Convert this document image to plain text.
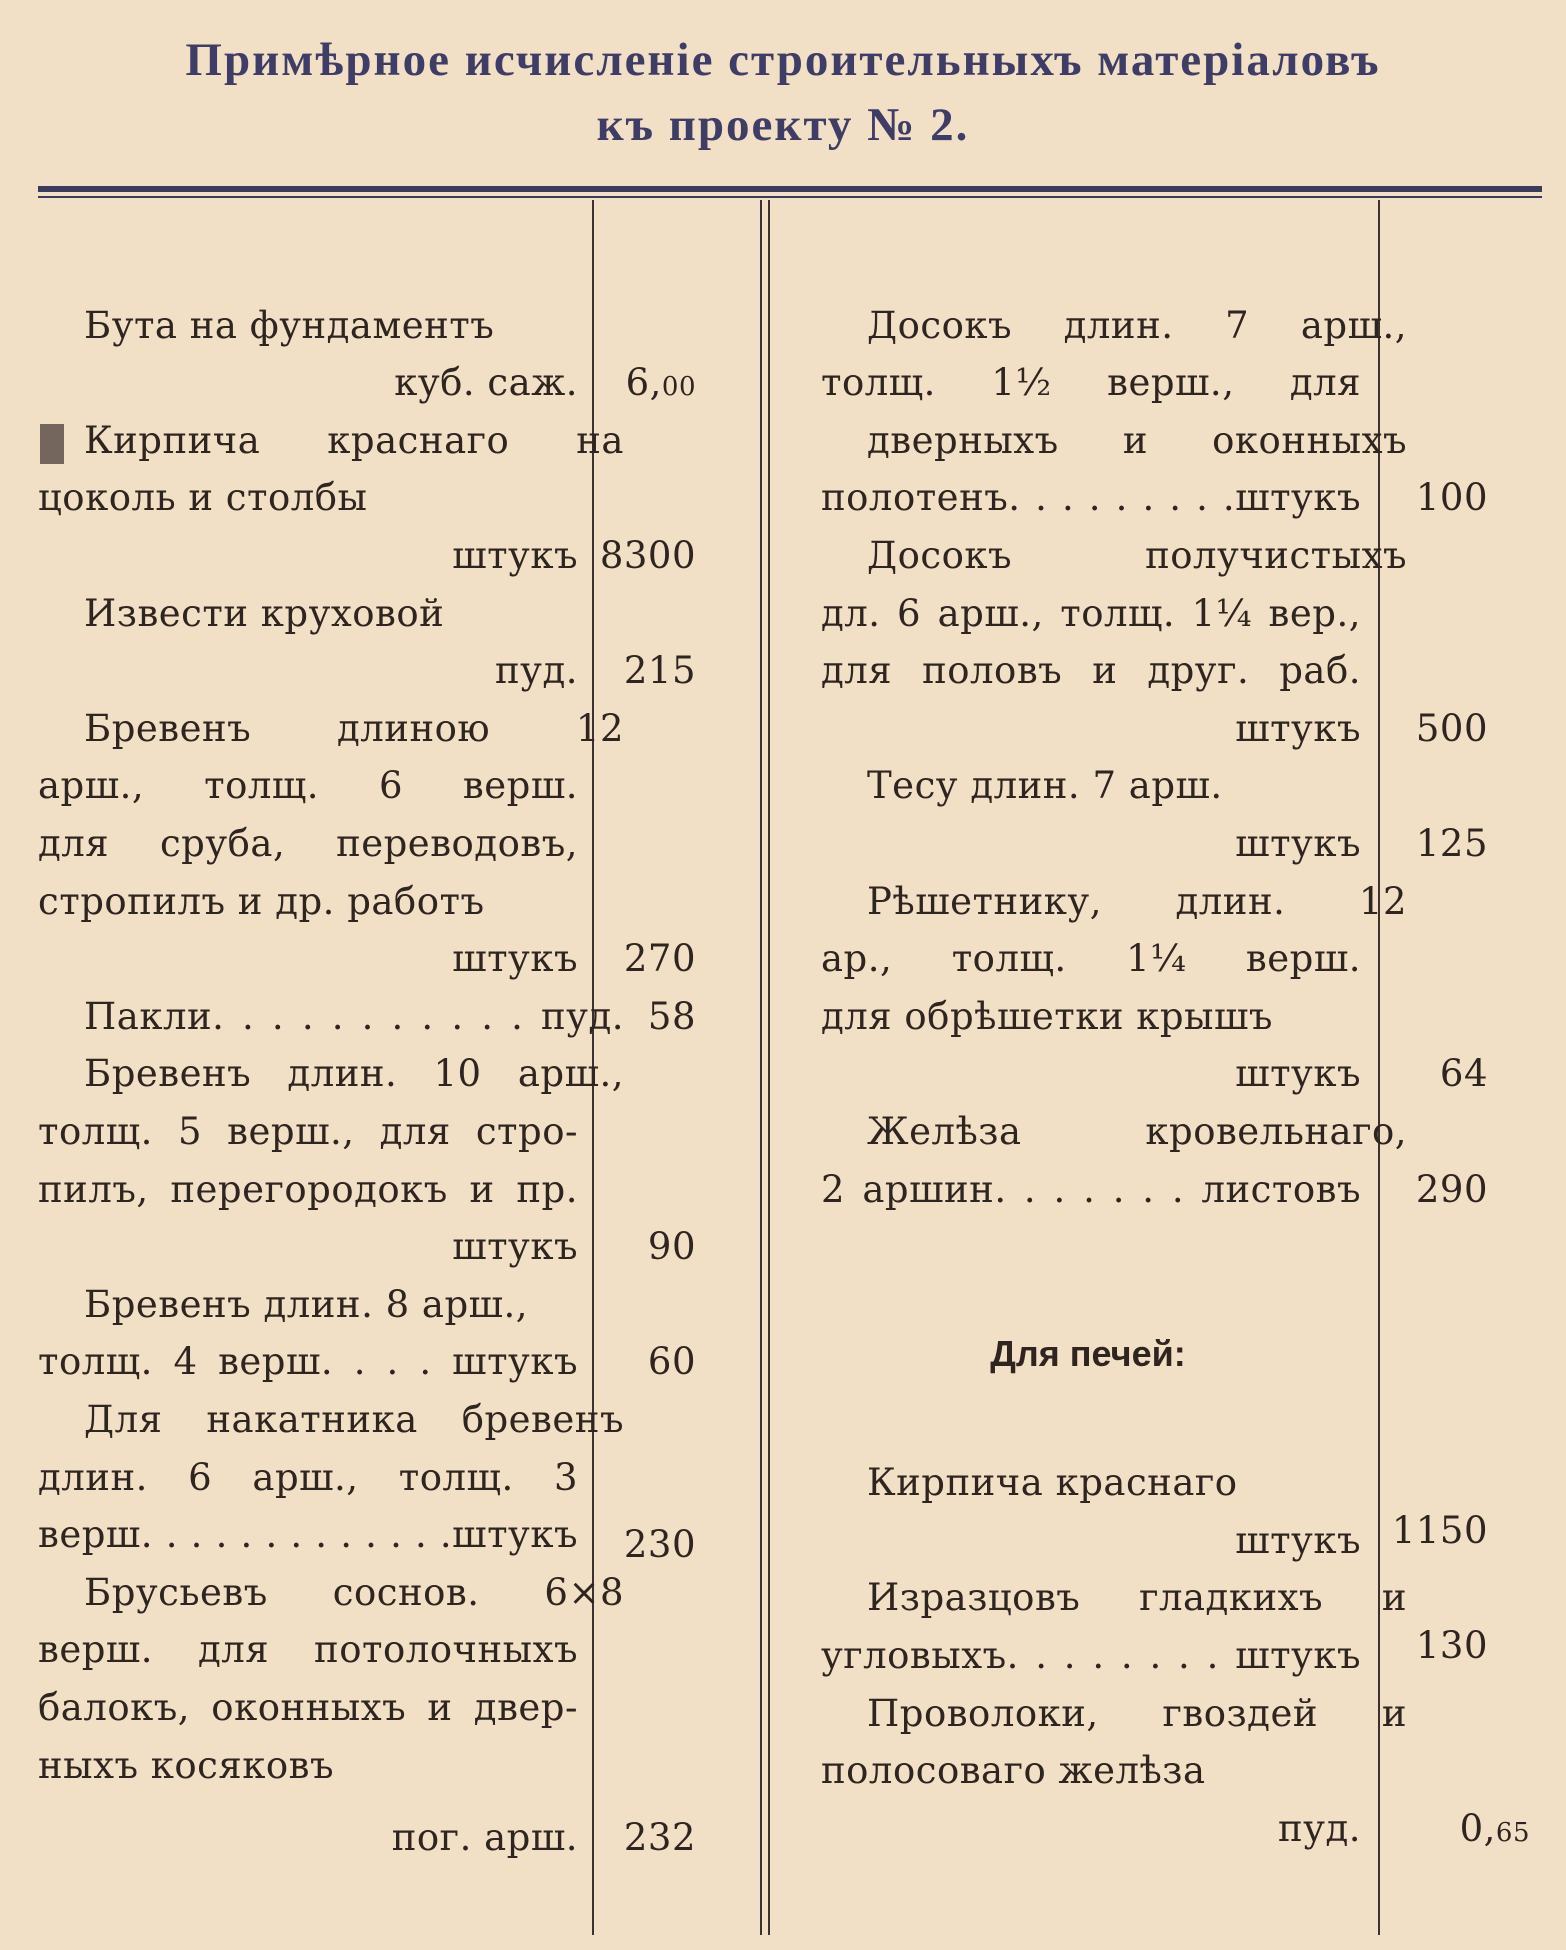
Примѣрное исчисленіе строительныхъ матеріаловъ
къ проекту № 2.
Бута на фундаментъ
куб. саж.
Кирпича краснаго на
цоколь и столбы
штукъ
Извести круховой
пуд.
Бревенъ длиною 12
арш., толщ. 6 верш.
для сруба, переводовъ,
стропилъ и др. работъ
штукъ
Пакли. . . . . . . . . . . пуд.
Бревенъ длин. 10 арш.,
толщ. 5 верш., для стро-
пилъ, перегородокъ и пр.
штукъ
Бревенъ длин. 8 арш.,
толщ. 4 верш. . . . штукъ
Для накатника бревенъ
длин. 6 арш., толщ. 3
верш. . . . . . . . . . . . .штукъ
Брусьевъ соснов. 6×8
верш. для потолочныхъ
балокъ, оконныхъ и двер-
ныхъ косяковъ
пог. арш.
6,00
8300
215
270
58
90
60
230
232
Досокъ длин. 7 арш.,
толщ. 1½ верш., для
дверныхъ и оконныхъ
полотенъ. . . . . . . . .штукъ
Досокъ получистыхъ
дл. 6 арш., толщ. 1¼ вер.,
для половъ и друг. раб.
штукъ
Тесу длин. 7 арш.
штукъ
Рѣшетнику, длин. 12
ар., толщ. 1¼ верш.
для обрѣшетки крышъ
штукъ
Желѣза кровельнаго,
2 аршин. . . . . . . листовъ
100
500
125
64
290
Для печей:
Кирпича краснаго
штукъ
Изразцовъ гладкихъ и
угловыхъ. . . . . . . . штукъ
Проволоки, гвоздей и
полосоваго желѣза
пуд.
1150
130
0,65
